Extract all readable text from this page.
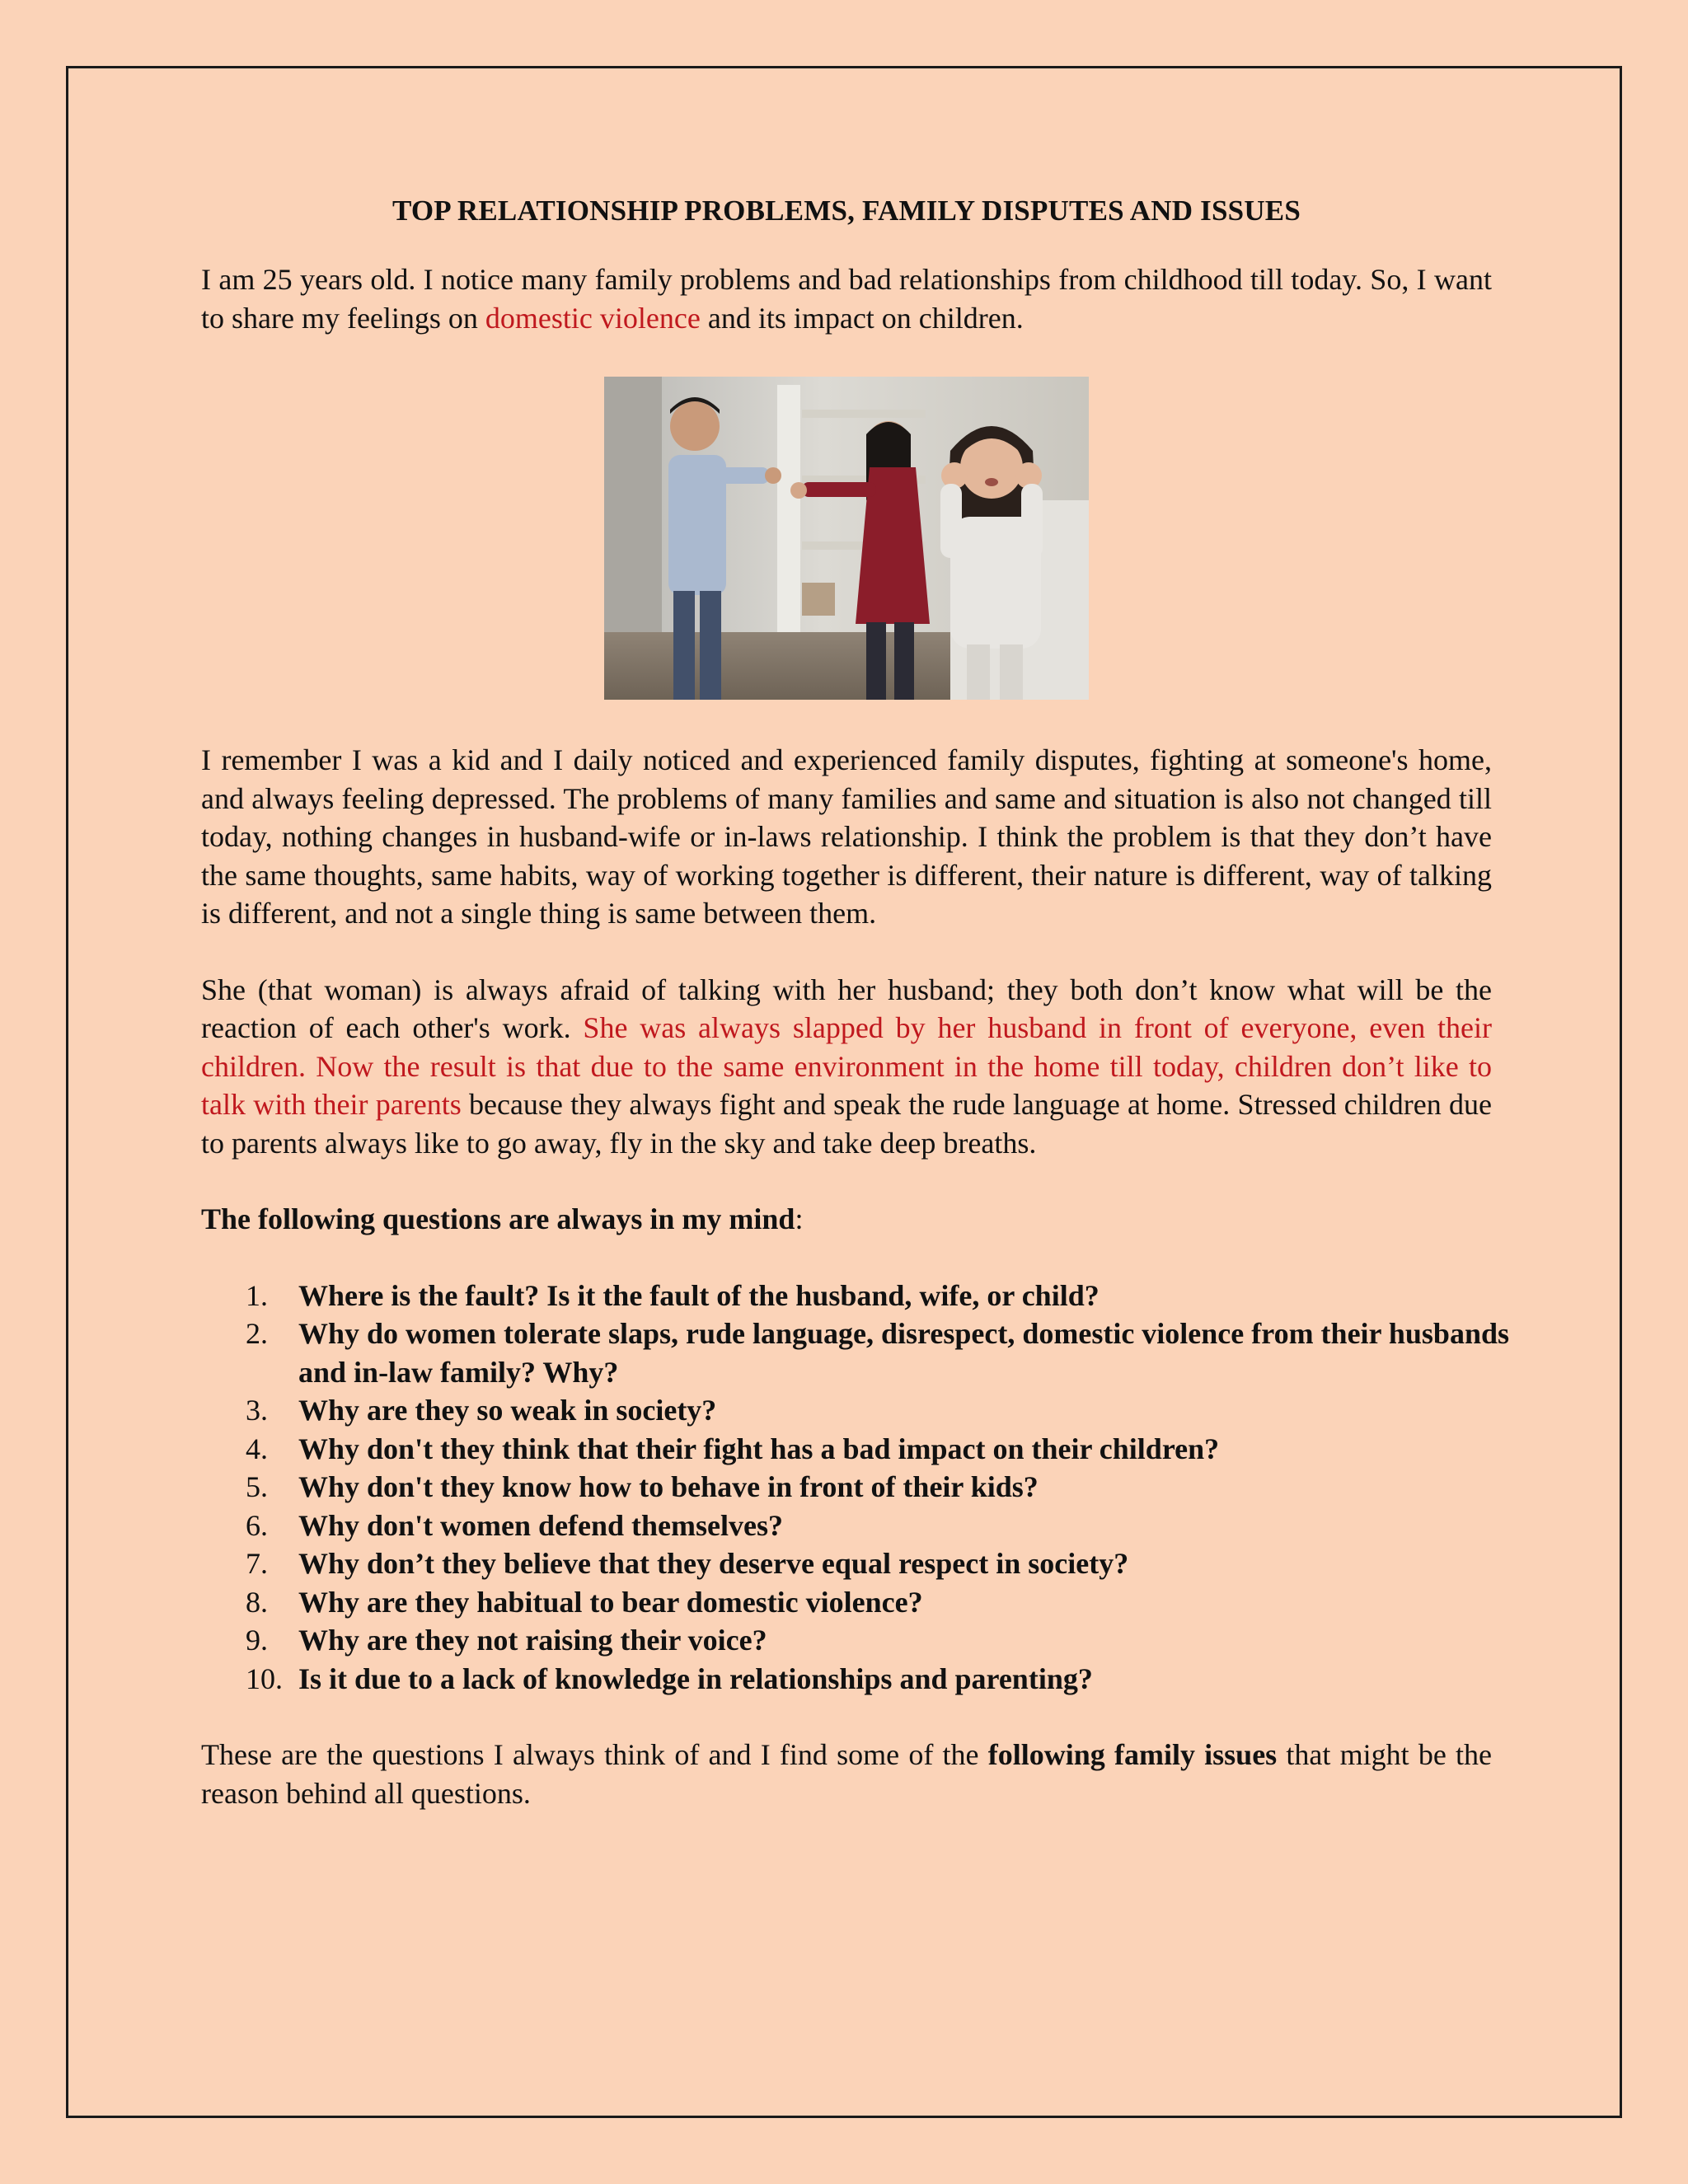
TOP RELATIONSHIP PROBLEMS, FAMILY DISPUTES AND ISSUES

I am 25 years old. I notice many family problems and bad relationships from childhood till today. So, I want to share my feelings on domestic violence and its impact on children.

I remember I was a kid and I daily noticed and experienced family disputes, fighting at someone's home, and always feeling depressed. The problems of many families and same and situation is also not changed till today, nothing changes in husband-wife or in-laws relationship. I think the problem is that they don’t have the same thoughts, same habits, way of working together is different, their nature is different, way of talking is different, and not a single thing is same between them.

She (that woman) is always afraid of talking with her husband; they both don’t know what will be the reaction of each other's work. She was always slapped by her husband in front of everyone, even their children. Now the result is that due to the same environment in the home till today, children don’t like to talk with their parents because they always fight and speak the rude language at home. Stressed children due to parents always like to go away, fly in the sky and take deep breaths.

The following questions are always in my mind:

1.	Where is the fault? Is it the fault of the husband, wife, or child?
2.	Why do women tolerate slaps, rude language, disrespect, domestic violence from their husbands and in-law family? Why?
3.	Why are they so weak in society?
4.	Why don't they think that their fight has a bad impact on their children?
5.	Why don't they know how to behave in front of their kids?
6.	Why don't women defend themselves?
7.	Why don’t they believe that they deserve equal respect in society?
8.	Why are they habitual to bear domestic violence?
9.	Why are they not raising their voice?
10. Is it due to a lack of knowledge in relationships and parenting?

These are the questions I always think of and I find some of the following family issues that might be the reason behind all questions.
